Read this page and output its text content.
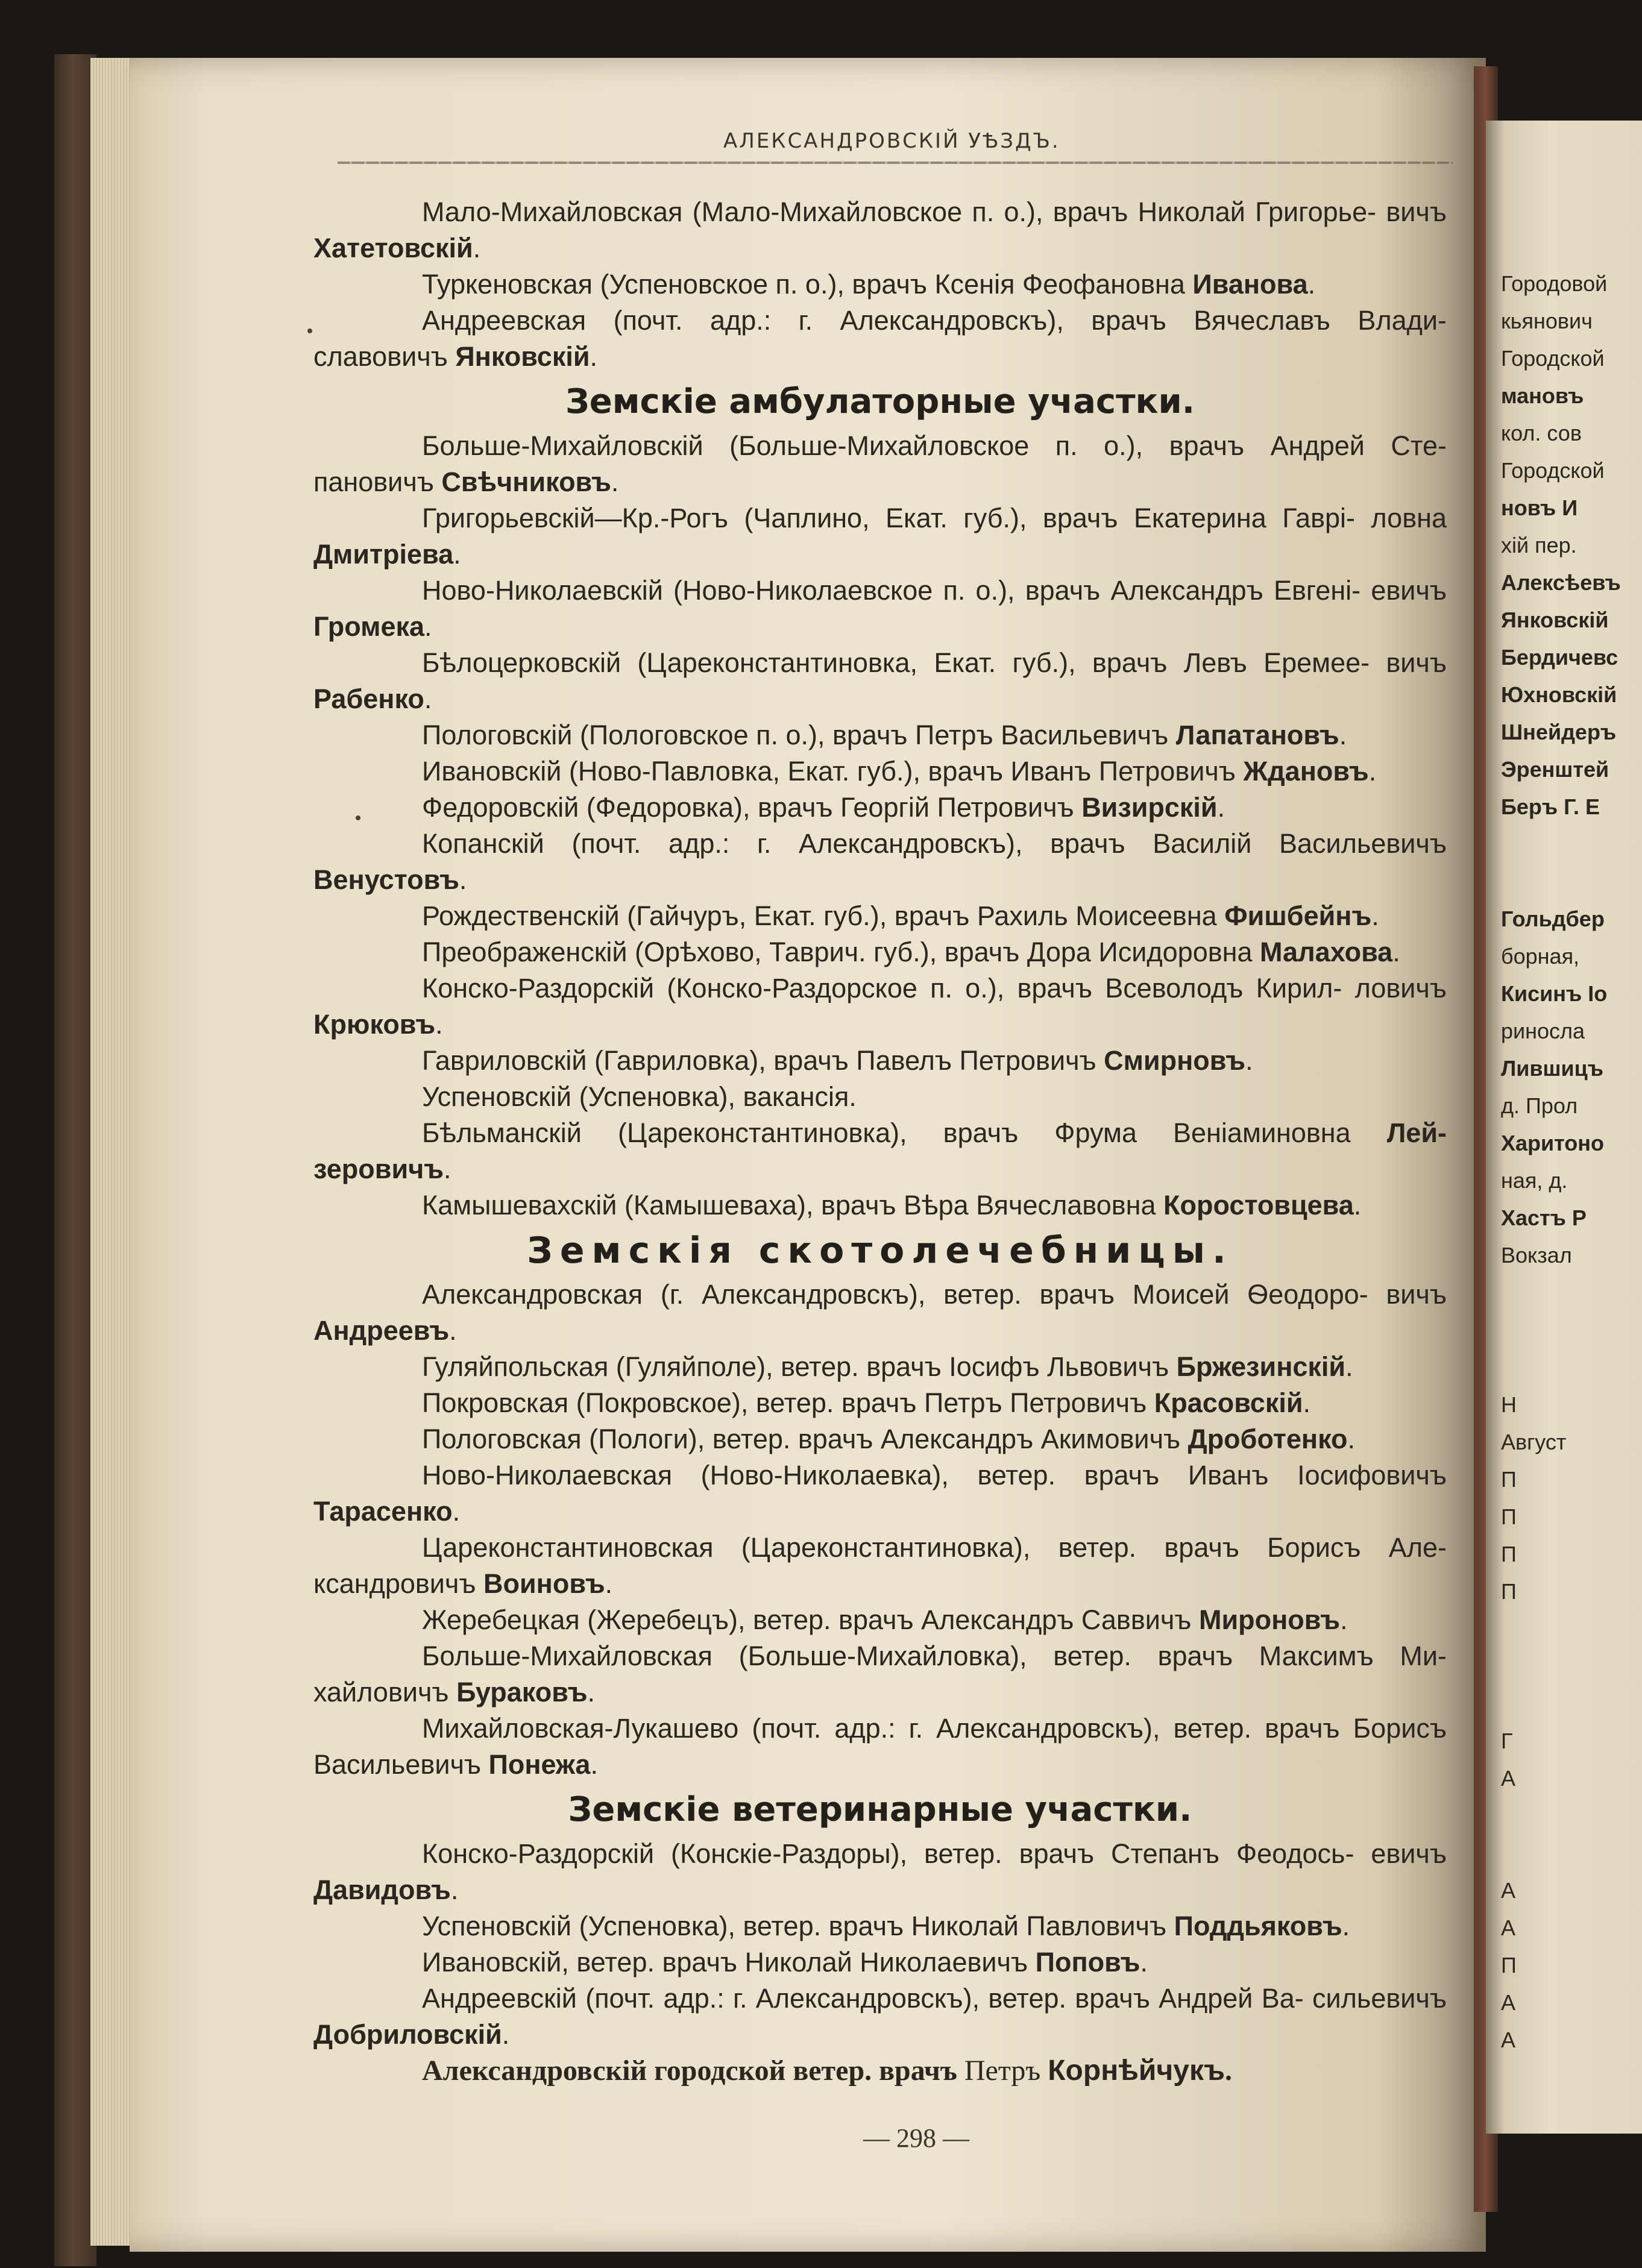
АЛЕКСАНДРОВСКІЙ УѢЗДЪ.

Мало-Михайловская (Мало-Михайловское п. о.), врачъ Николай Григорье- вичъ Хатетовскій.

Туркеновская (Успеновское п. о.), врачъ Ксенія Феофановна Иванова.

Андреевская (почт. адр.: г. Александровскъ), врачъ Вячеславъ Влади- славовичъ Янковскій.

Земскіе амбулаторные участки.

Больше-Михайловскій (Больше-Михайловское п. о.), врачъ Андрей Сте- пановичъ Свѣчниковъ.

Григорьевскій—Кр.-Рогъ (Чаплино, Екат. губ.), врачъ Екатерина Гаврі- ловна Дмитріева.

Ново-Николаевскій (Ново-Николаевское п. о.), врачъ Александръ Евгені- евичъ Громека.

Бѣлоцерковскій (Цареконстантиновка, Екат. губ.), врачъ Левъ Еремее- вичъ Рабенко.

Пологовскій (Пологовское п. о.), врачъ Петръ Васильевичъ Лапатановъ.

Ивановскій (Ново-Павловка, Екат. губ.), врачъ Иванъ Петровичъ Ждановъ.

Федоровскій (Федоровка), врачъ Георгій Петровичъ Визирскій.

Копанскій (почт. адр.: г. Александровскъ), врачъ Василій Васильевичъ Венустовъ.

Рождественскій (Гайчуръ, Екат. губ.), врачъ Рахиль Моисеевна Фишбейнъ.

Преображенскій (Орѣхово, Таврич. губ.), врачъ Дора Исидоровна Малахова.

Конско-Раздорскій (Конско-Раздорское п. о.), врачъ Всеволодъ Кирил- ловичъ Крюковъ.

Гавриловскій (Гавриловка), врачъ Павелъ Петровичъ Смирновъ.

Успеновскій (Успеновка), вакансія.

Бѣльманскій (Цареконстантиновка), врачъ Фрума Веніаминовна Лей- зеровичъ.

Камышевахскій (Камышеваха), врачъ Вѣра Вячеславовна Коростовцева.

Земскія скотолечебницы.

Александровская (г. Александровскъ), ветер. врачъ Моисей Ѳеодоро- вичъ Андреевъ.

Гуляйпольская (Гуляйполе), ветер. врачъ Іосифъ Львовичъ Бржезинскій.

Покровская (Покровское), ветер. врачъ Петръ Петровичъ Красовскій.

Пологовская (Пологи), ветер. врачъ Александръ Акимовичъ Дроботенко.

Ново-Николаевская (Ново-Николаевка), ветер. врачъ Иванъ Іосифовичъ Тарасенко.

Цареконстантиновская (Цареконстантиновка), ветер. врачъ Борисъ Але- ксандровичъ Воиновъ.

Жеребецкая (Жеребецъ), ветер. врачъ Александръ Саввичъ Мироновъ.

Больше-Михайловская (Больше-Михайловка), ветер. врачъ Максимъ Ми- хайловичъ Бураковъ.

Михайловская-Лукашево (почт. адр.: г. Александровскъ), ветер. врачъ Борисъ Васильевичъ Понежа.

Земскіе ветеринарные участки.

Конско-Раздорскій (Конскіе-Раздоры), ветер. врачъ Степанъ Феодось- евичъ Давидовъ.

Успеновскій (Успеновка), ветер. врачъ Николай Павловичъ Поддьяковъ.

Ивановскій, ветер. врачъ Николай Николаевичъ Поповъ.

Андреевскій (почт. адр.: г. Александровскъ), ветер. врачъ Андрей Ва- сильевичъ Добриловскій.

Александровскій городской ветер. врачъ Петръ Корнѣйчукъ.

— 298 —
Городовой
кьянович
Городской
мановъ
кол. сов
Городской
новъ И
хій пер.
Алексѣевъ
Янковскій
Бердичевс
Юхновскій
Шнейдеръ
Эренштей
Беръ Г. Е

Гольдбер
борная,
Кисинъ Іо
риносла
Лившицъ
д. Прол
Харитоно
ная, д.
Хастъ Р
Вокзал

Н
Август
П
П
П
П

Г
А

А
А
П
А
А
